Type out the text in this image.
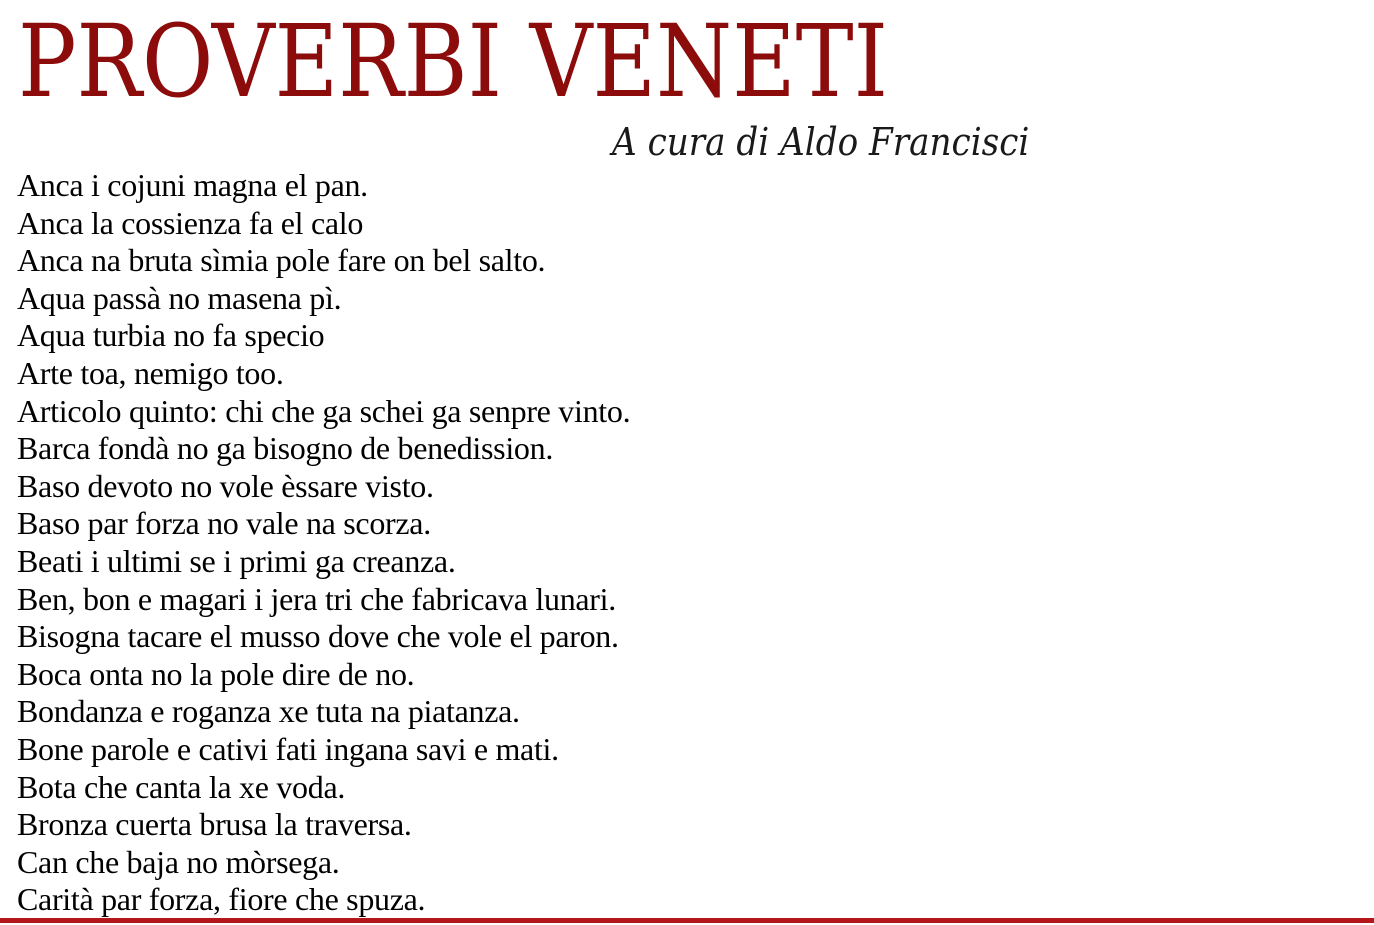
PROVERBI VENETI
A cura di Aldo Francisci
Anca i cojuni magna el pan.
Anca la cossienza fa el calo
Anca na bruta sìmia pole fare on bel salto.
Aqua passà no masena pì.
Aqua turbia no fa specio
Arte toa, nemigo too.
Articolo quinto: chi che ga schei ga senpre vinto.
Barca fondà no ga bisogno de benedission.
Baso devoto no vole èssare visto.
Baso par forza no vale na scorza.
Beati i ultimi se i primi ga creanza.
Ben, bon e magari i jera tri che fabricava lunari.
Bisogna tacare el musso dove che vole el paron.
Boca onta no la pole dire de no.
Bondanza e roganza xe tuta na piatanza.
Bone parole e cativi fati ingana savi e mati.
Bota che canta la xe voda.
Bronza cuerta brusa la traversa.
Can che baja no mòrsega.
Carità par forza, fiore che spuza.
